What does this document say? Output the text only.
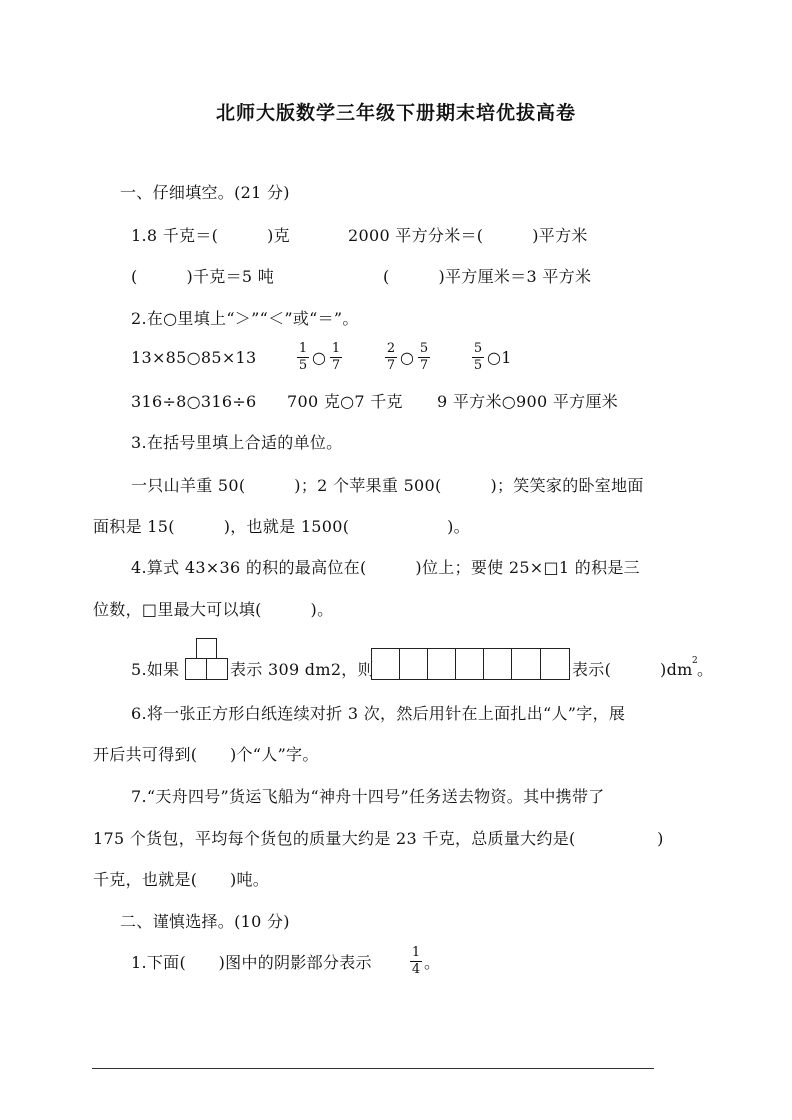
北师大版数学三年级下册期末培优拔高卷
一、仔细填空。(21 分)
1.8 千克＝(　　　)克	2000 平方分米＝(　　　)平方米
(　　　)千克＝5 吨	(　　　)平方厘米＝3 平方米
2.在○里填上“＞”“＜”或“＝”。
13×85○85×13	$\frac{1}{5}$ ○ $\frac{1}{7}$	$\frac{2}{7}$ ○ $\frac{5}{7}$	$\frac{5}{5}$ ○1
316÷8○316÷6 700 克○7 千克 9 平方米○900 平方厘米
3.在括号里填上合适的单位。
一只山羊重 50(　　　)；2 个苹果重 500(　　　)；笑笑家的卧室地面
面积是 15(　　　)，也就是 1500(　　　　　　)。
4.算式 43×36 的积的最高位在(　　　)位上；要使 25×□1 的积是三
位数，□里最大可以填(　　　)。
5.如果	表示 309 dm2，则	表示(　　　)dm 2 。
6.将一张正方形白纸连续对折 3 次，然后用针在上面扎出“人”字，展
开后共可得到(　　)个“人”字。
7.“天舟四号”货运飞船为“神舟十四号”任务送去物资。其中携带了
175 个货包，平均每个货包的质量大约是 23 千克，总质量大约是(　　　　　)
千克，也就是(　　)吨。
二、谨慎选择。(10 分)
1.下面(　　)图中的阴影部分表示	$\frac{1}{4}$ 。
